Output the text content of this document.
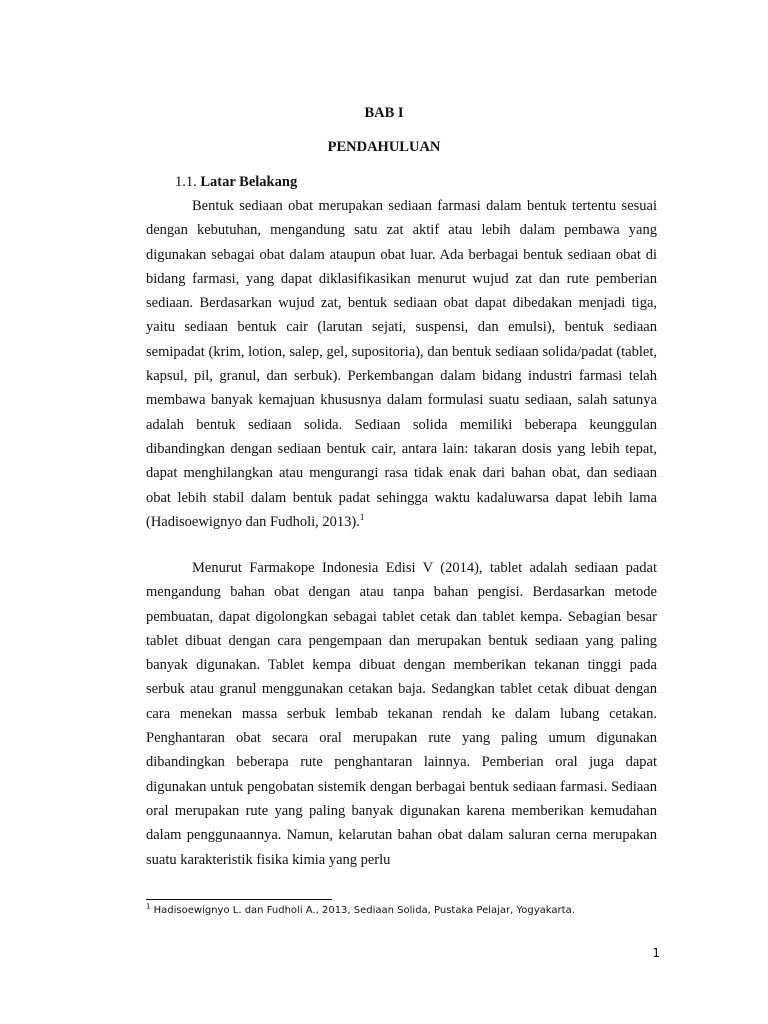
BAB I
PENDAHULUAN
1.1. Latar Belakang

Bentuk sediaan obat merupakan sediaan farmasi dalam bentuk tertentu sesuai dengan kebutuhan, mengandung satu zat aktif atau lebih dalam pembawa yang digunakan sebagai obat dalam ataupun obat luar. Ada berbagai bentuk sediaan obat di bidang farmasi, yang dapat diklasifikasikan menurut wujud zat dan rute pemberian sediaan. Berdasarkan wujud zat, bentuk sediaan obat dapat dibedakan menjadi tiga, yaitu sediaan bentuk cair (larutan sejati, suspensi, dan emulsi), bentuk sediaan semipadat (krim, lotion, salep, gel, supositoria), dan bentuk sediaan solida/padat (tablet, kapsul, pil, granul, dan serbuk). Perkembangan dalam bidang industri farmasi telah membawa banyak kemajuan khususnya dalam formulasi suatu sediaan, salah satunya adalah bentuk sediaan solida. Sediaan solida memiliki beberapa keunggulan dibandingkan dengan sediaan bentuk cair, antara lain: takaran dosis yang lebih tepat, dapat menghilangkan atau mengurangi rasa tidak enak dari bahan obat, dan sediaan obat lebih stabil dalam bentuk padat sehingga waktu kadaluwarsa dapat lebih lama (Hadisoewignyo dan Fudholi, 2013).$^1$

Menurut Farmakope Indonesia Edisi V (2014), tablet adalah sediaan padat mengandung bahan obat dengan atau tanpa bahan pengisi. Berdasarkan metode pembuatan, dapat digolongkan sebagai tablet cetak dan tablet kempa. Sebagian besar tablet dibuat dengan cara pengempaan dan merupakan bentuk sediaan yang paling banyak digunakan. Tablet kempa dibuat dengan memberikan tekanan tinggi pada serbuk atau granul menggunakan cetakan baja. Sedangkan tablet cetak dibuat dengan cara menekan massa serbuk lembab tekanan rendah ke dalam lubang cetakan. Penghantaran obat secara oral merupakan rute yang paling umum digunakan dibandingkan beberapa rute penghantaran lainnya. Pemberian oral juga dapat digunakan untuk pengobatan sistemik dengan berbagai bentuk sediaan farmasi. Sediaan oral merupakan rute yang paling banyak digunakan karena memberikan kemudahan dalam penggunaannya. Namun, kelarutan bahan obat dalam saluran cerna merupakan suatu karakteristik fisika kimia yang perlu

$^1$ Hadisoewignyo L. dan Fudholi A., 2013, Sediaan Solida, Pustaka Pelajar, Yogyakarta.
1
